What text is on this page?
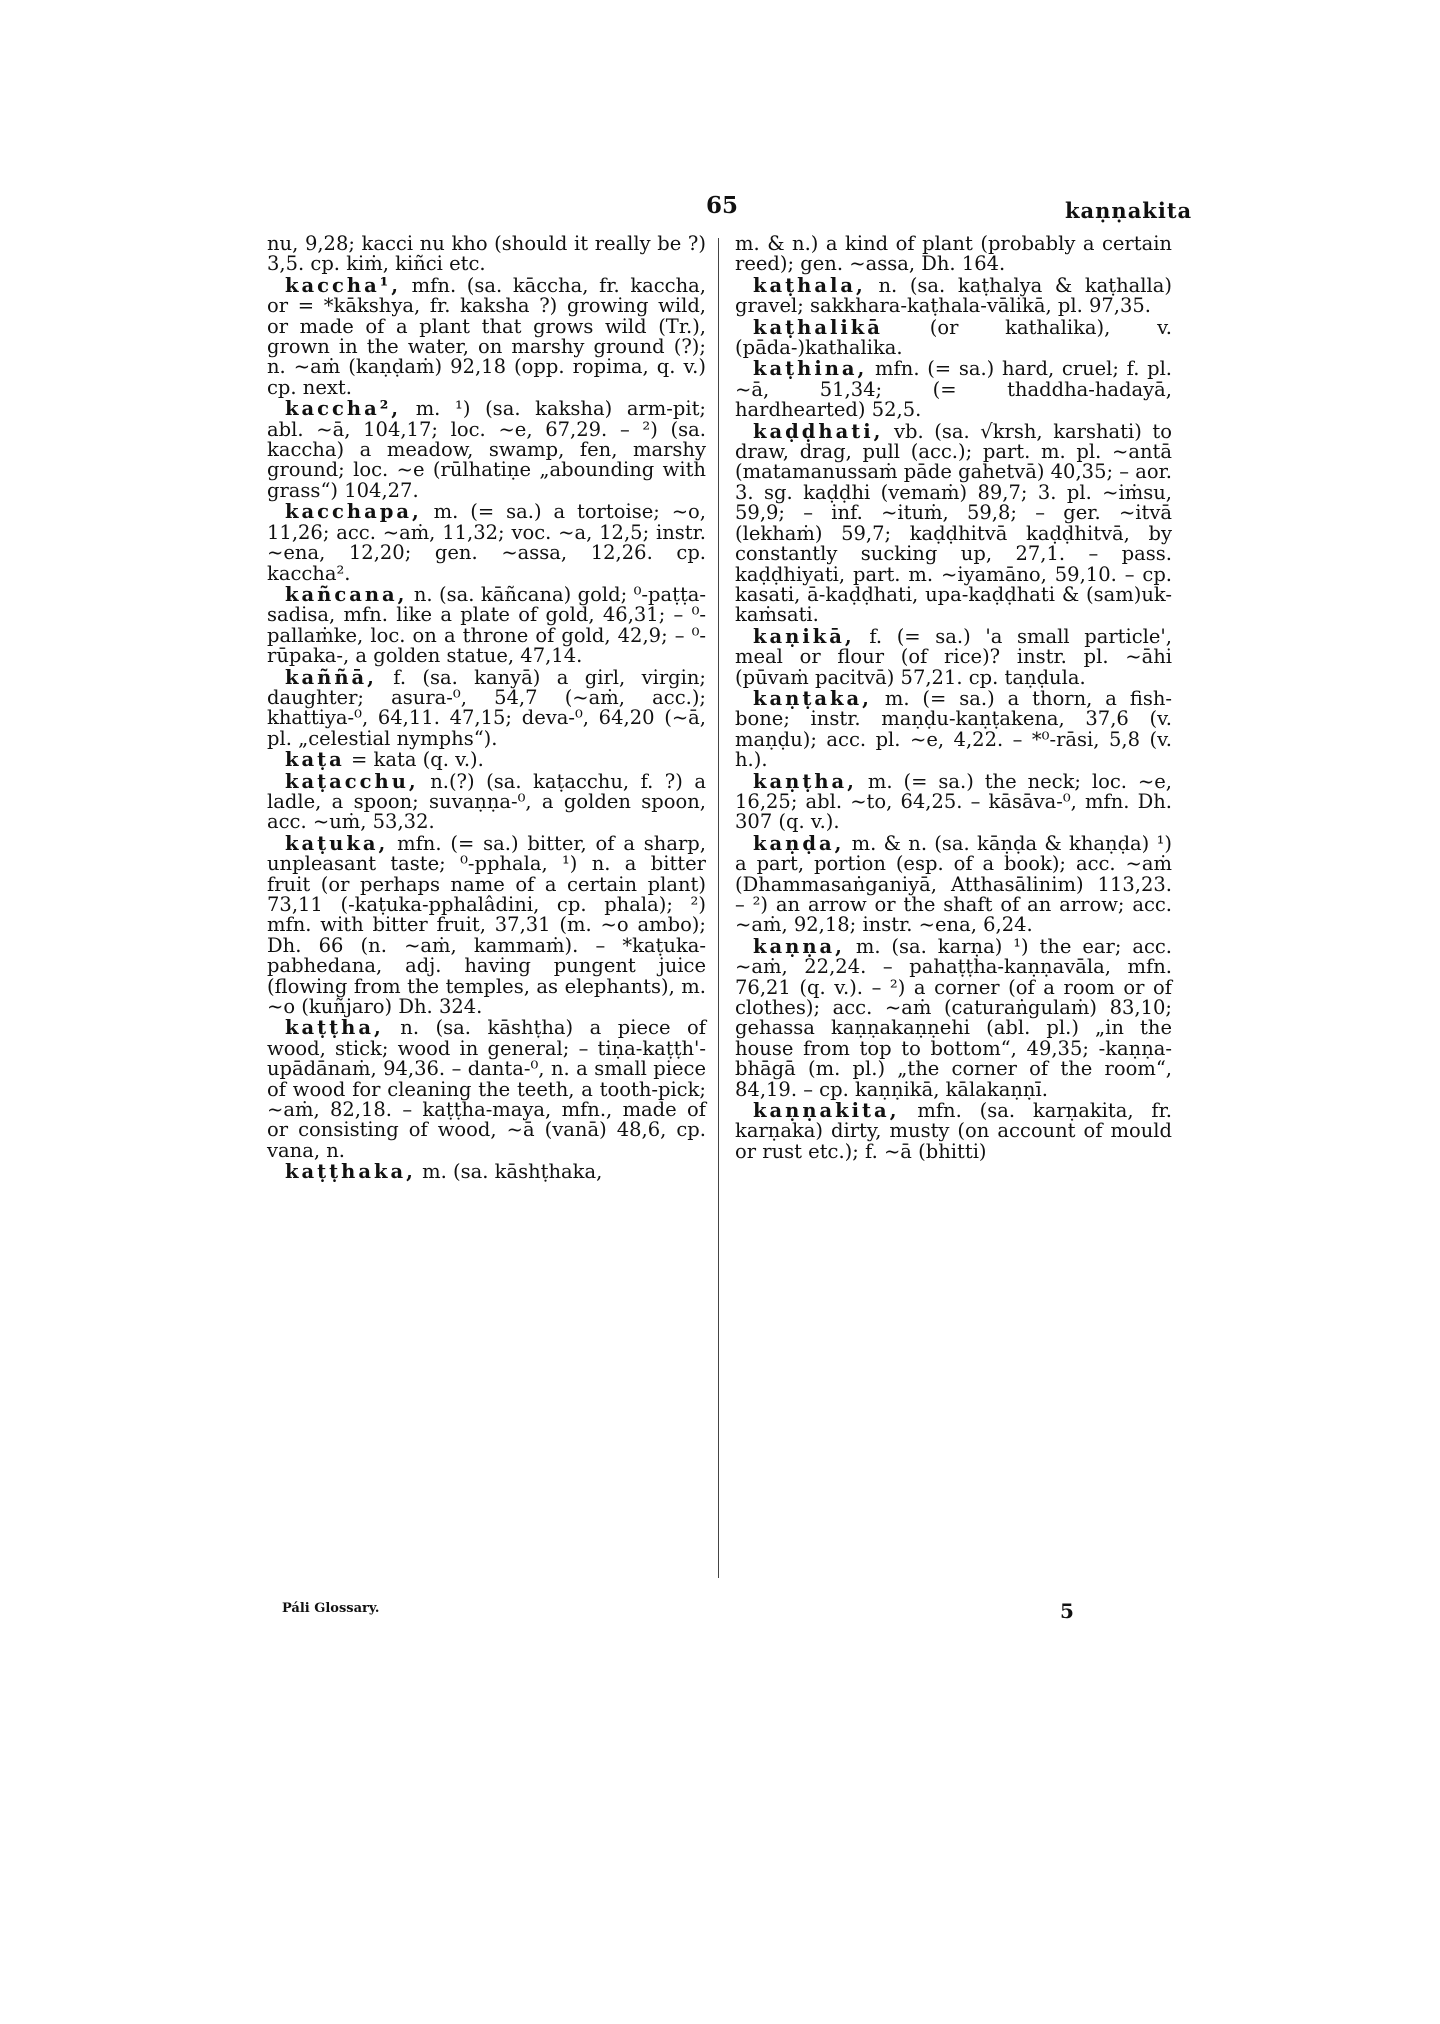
65	kaṇṇakita

nu, 9,28; kacci nu kho (should it really be ?) 3,5. cp. kiṁ, kiñci etc.

kaccha¹, mfn. (sa. kāccha, fr. kaccha, or = *kākshya, fr. kaksha ?) growing wild, or made of a plant that grows wild (Tr.), grown in the water, on marshy ground (?); n. ~aṁ (kaṇḍaṁ) 92,18 (opp. ropima, q. v.) cp. next.

kaccha², m. ¹) (sa. kaksha) arm-pit; abl. ~ā, 104,17; loc. ~e, 67,29. – ²) (sa. kaccha) a meadow, swamp, fen, marshy ground; loc. ~e (rūlhatiṇe „abounding with grass“) 104,27.

kacchapa, m. (= sa.) a tortoise; ~o, 11,26; acc. ~aṁ, 11,32; voc. ~a, 12,5; instr. ~ena, 12,20; gen. ~assa, 12,26. cp. kaccha².

kañcana, n. (sa. kāñcana) gold; ⁰-paṭṭa-sadisa, mfn. like a plate of gold, 46,31; – ⁰-pallaṁke, loc. on a throne of gold, 42,9; – ⁰-rūpaka-, a golden statue, 47,14.

kaññā, f. (sa. kanyā) a girl, virgin; daughter; asura-⁰, 54,7 (~aṁ, acc.); khattiya-⁰, 64,11. 47,15; deva-⁰, 64,20 (~ā, pl. „celestial nymphs“).

kaṭa = kata (q. v.).

kaṭacchu, n.(?) (sa. kaṭacchu, f. ?) a ladle, a spoon; suvaṇṇa-⁰, a golden spoon, acc. ~uṁ, 53,32.

kaṭuka, mfn. (= sa.) bitter, of a sharp, unpleasant taste; ⁰-pphala, ¹) n. a bitter fruit (or perhaps name of a certain plant) 73,11 (-kaṭuka-pphalâdini, cp. phala); ²) mfn. with bitter fruit, 37,31 (m. ~o ambo); Dh. 66 (n. ~aṁ, kammaṁ). – *kaṭuka-pabhedana, adj. having pungent juice (flowing from the temples, as elephants), m. ~o (kuñjaro) Dh. 324.

kaṭṭha, n. (sa. kāshṭha) a piece of wood, stick; wood in general; – tiṇa-kaṭṭh'-upādānaṁ, 94,36. – danta-⁰, n. a small piece of wood for cleaning the teeth, a tooth-pick; ~aṁ, 82,18. – kaṭṭha-maya, mfn., made of or consisting of wood, ~ā (vanā) 48,6, cp. vana, n.

kaṭṭhaka, m. (sa. kāshṭhaka,

m. & n.) a kind of plant (probably a certain reed); gen. ~assa, Dh. 164.

kaṭhala, n. (sa. kaṭhalya & kaṭhalla) gravel; sakkhara-kaṭhala-vālikā, pl. 97,35.

kaṭhalikā (or kathalika), v. (pāda-)kathalika.

kaṭhina, mfn. (= sa.) hard, cruel; f. pl. ~ā, 51,34; (= thaddha-hadayā, hardhearted) 52,5.

kaḍḍhati, vb. (sa. √krsh, karshati) to draw, drag, pull (acc.); part. m. pl. ~antā (matamanussaṁ pāde gahetvā) 40,35; – aor. 3. sg. kaḍḍhi (vemaṁ) 89,7; 3. pl. ~iṁsu, 59,9; – inf. ~ituṁ, 59,8; – ger. ~itvā (lekhaṁ) 59,7; kaḍḍhitvā kaḍḍhitvā, by constantly sucking up, 27,1. – pass. kaḍḍhiyati, part. m. ~iyamāno, 59,10. – cp. kasati, ā-kaḍḍhati, upa-kaḍḍhati & (sam)uk-kaṁsati.

kaṇikā, f. (= sa.) 'a small particle', meal or flour (of rice)? instr. pl. ~āhi (pūvaṁ pacitvā) 57,21. cp. taṇḍula.

kaṇṭaka, m. (= sa.) a thorn, a fish-bone; instr. maṇḍu-kaṇṭakena, 37,6 (v. maṇḍu); acc. pl. ~e, 4,22. – *⁰-rāsi, 5,8 (v. h.).

kaṇṭha, m. (= sa.) the neck; loc. ~e, 16,25; abl. ~to, 64,25. – kāsāva-⁰, mfn. Dh. 307 (q. v.).

kaṇḍa, m. & n. (sa. kāṇḍa & khaṇḍa) ¹) a part, portion (esp. of a book); acc. ~aṁ (Dhammasaṅganiyā, Atthasālinim) 113,23. – ²) an arrow or the shaft of an arrow; acc. ~aṁ, 92,18; instr. ~ena, 6,24.

kaṇṇa, m. (sa. karṇa) ¹) the ear; acc. ~aṁ, 22,24. – pahaṭṭha-kaṇṇavāla, mfn. 76,21 (q. v.). – ²) a corner (of a room or of clothes); acc. ~aṁ (caturaṅgulaṁ) 83,10; gehassa kaṇṇakaṇṇehi (abl. pl.) „in the house from top to bottom“, 49,35; -kaṇṇa-bhāgā (m. pl.) „the corner of the room“, 84,19. – cp. kaṇṇikā, kālakaṇṇī.

kaṇṇakita, mfn. (sa. karṇakita, fr. karṇaka) dirty, musty (on account of mould or rust etc.); f. ~ā (bhitti)

Páli Glossary.	5
